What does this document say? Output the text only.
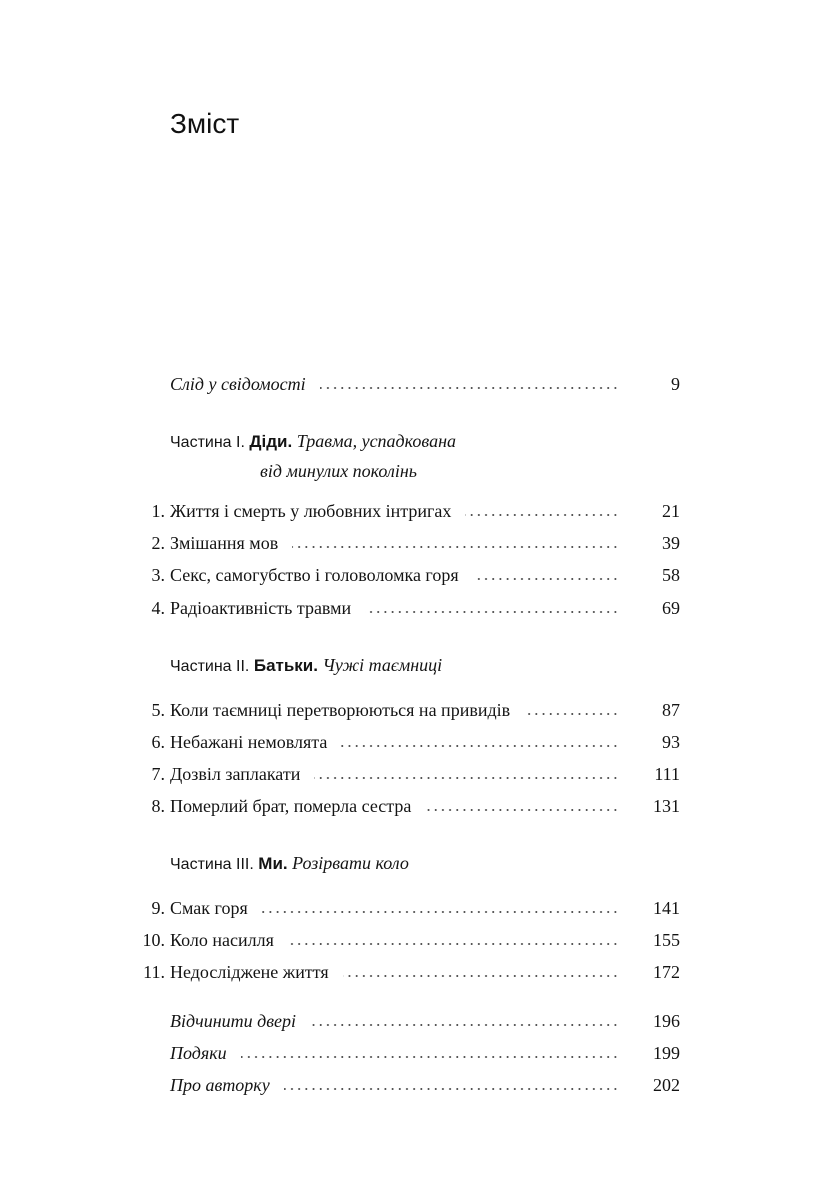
Зміст
Слід у свідомості	9
Частина I. Діди. Травма, успадкована
від минулих поколінь
1. Життя і смерть у любовних інтригах	21
2. Змішання мов	39
3. Секс, самогубство і головоломка горя	58
4. Радіоактивність травми	69
Частина II. Батьки. Чужі таємниці
5. Коли таємниці перетворюються на привидів	87
6. Небажані немовлята	93
7. Дозвіл заплакати	111
8. Померлий брат, померла сестра	131
Частина III. Ми. Розірвати коло
9. Смак горя	141
10. Коло насилля	155
11. Недосліджене життя	172
Відчинити двері	196
Подяки	199
Про авторку	202
